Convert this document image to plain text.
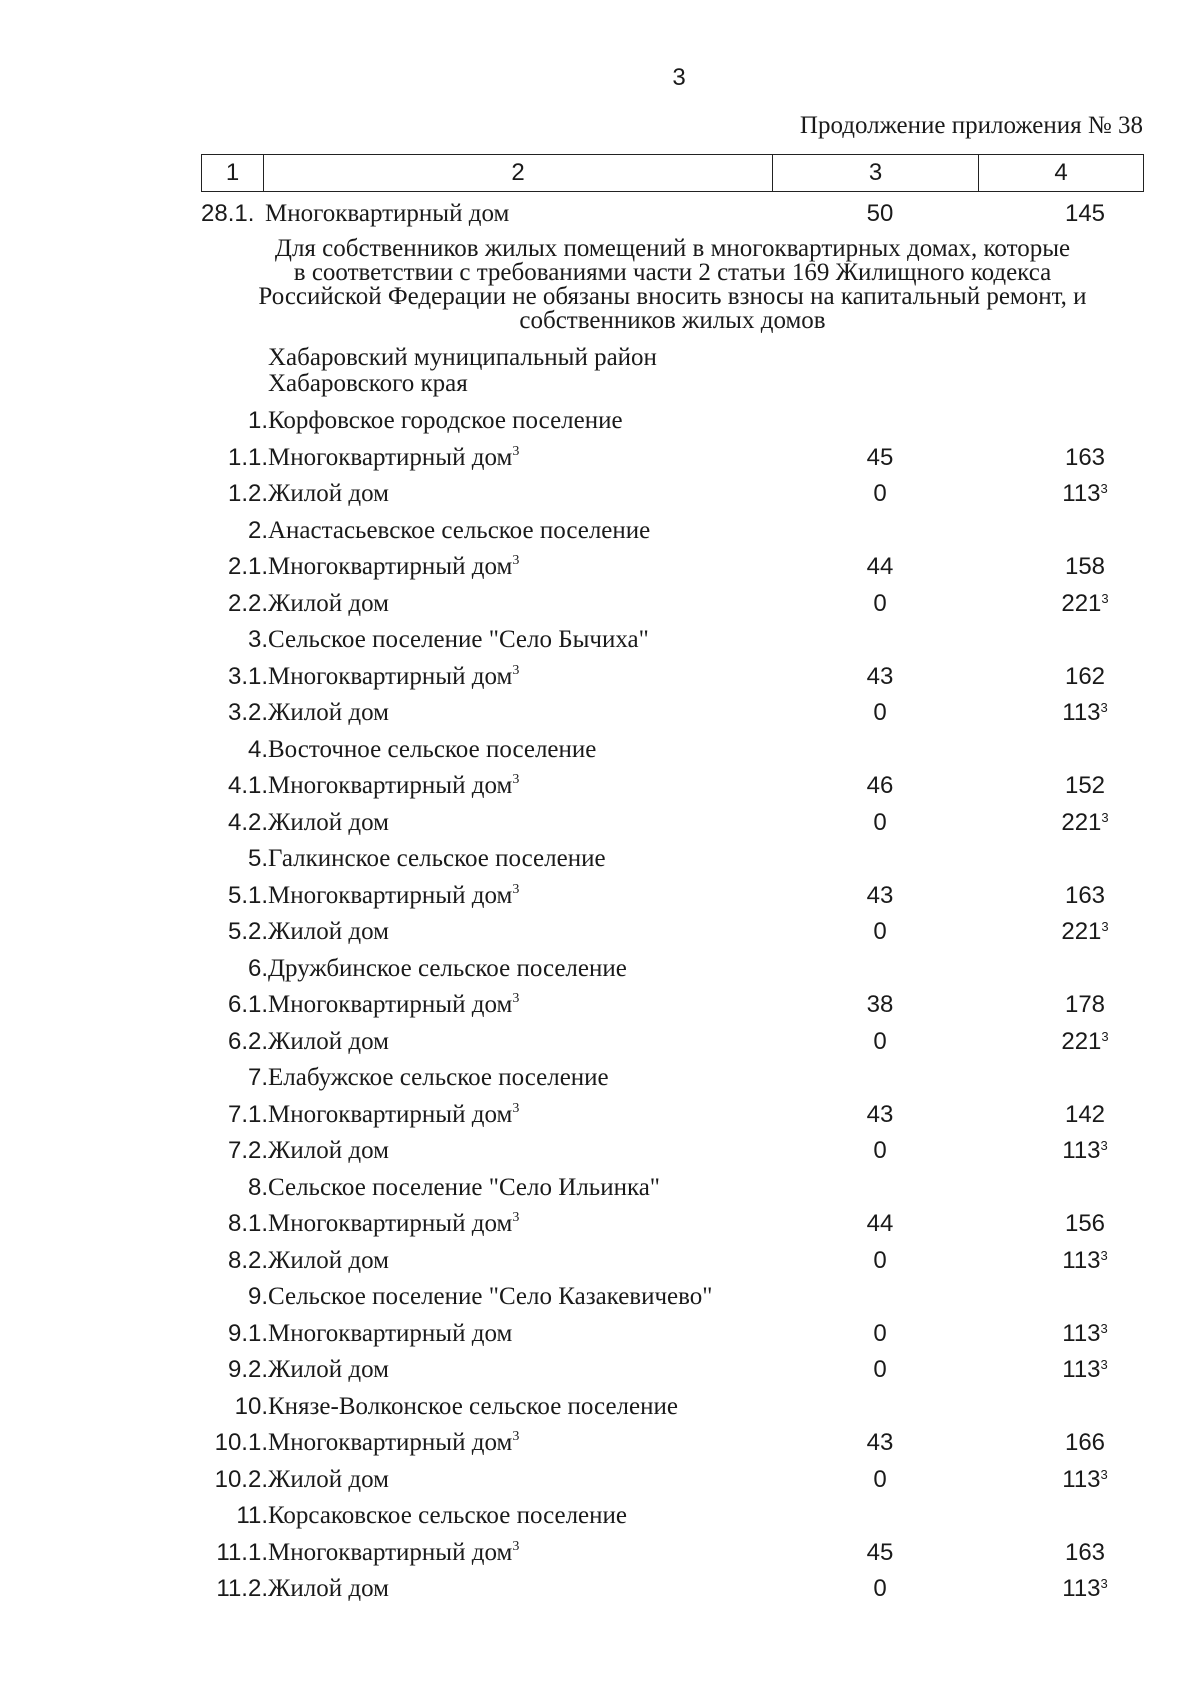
3
Продолжение приложения № 38
1	2	3	4
28.1. Многоквартирный дом	50	145
Для собственников жилых помещений в многоквартирных домах, которые
в соответствии с требованиями части 2 статьи 169 Жилищного кодекса
Российской Федерации не обязаны вносить взносы на капитальный ремонт, и
собственников жилых домов
Хабаровский муниципальный район
Хабаровского края
1. Корфовское городское поселение
1.1. Многоквартирный дом$^3$	45	163
1.2. Жилой дом	0	$113^3$
2. Анастасьевское сельское поселение
2.1. Многоквартирный дом$^3$	44	158
2.2. Жилой дом	0	$221^3$
3. Сельское поселение "Село Бычиха"
3.1. Многоквартирный дом$^3$	43	162
3.2. Жилой дом	0	$113^3$
4. Восточное сельское поселение
4.1. Многоквартирный дом$^3$	46	152
4.2. Жилой дом	0	$221^3$
5. Галкинское сельское поселение
5.1. Многоквартирный дом$^3$	43	163
5.2. Жилой дом	0	$221^3$
6. Дружбинское сельское поселение
6.1. Многоквартирный дом$^3$	38	178
6.2. Жилой дом	0	$221^3$
7. Елабужское сельское поселение
7.1. Многоквартирный дом$^3$	43	142
7.2. Жилой дом	0	$113^3$
8. Сельское поселение "Село Ильинка"
8.1. Многоквартирный дом$^3$	44	156
8.2. Жилой дом	0	$113^3$
9. Сельское поселение "Село Казакевичево"
9.1. Многоквартирный дом	0	$113^3$
9.2. Жилой дом	0	$113^3$
10. Князе-Волконское сельское поселение
10.1. Многоквартирный дом$^3$	43	166
10.2. Жилой дом	0	$113^3$
11. Корсаковское сельское поселение
11.1. Многоквартирный дом$^3$	45	163
11.2. Жилой дом	0	$113^3$
